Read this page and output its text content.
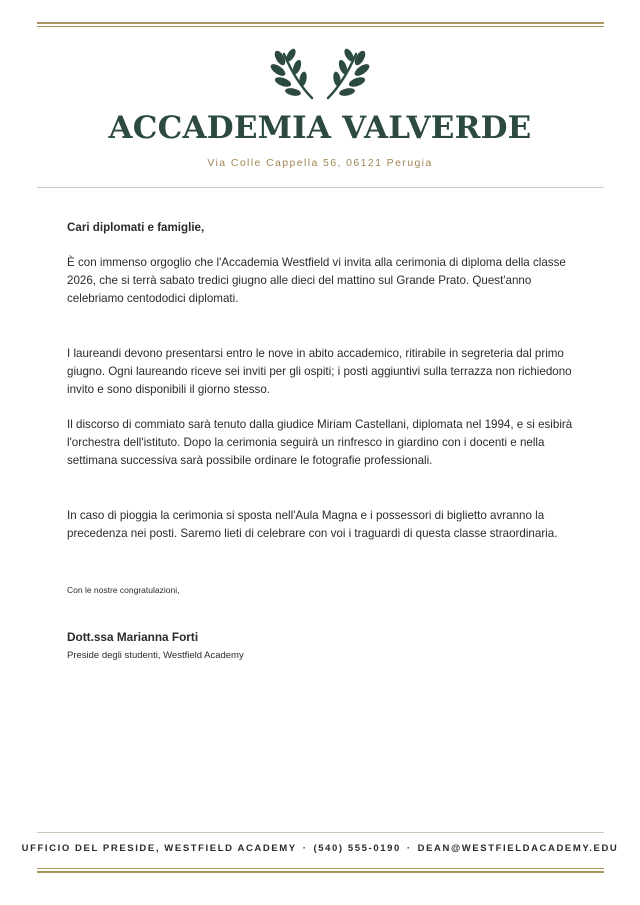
ACCADEMIA VALVERDE
Via Colle Cappella 56, 06121 Perugia

Cari diplomati e famiglie,

È con immenso orgoglio che l'Accademia Westfield vi invita alla cerimonia di diploma della classe 2026, che si terrà sabato tredici giugno alle dieci del mattino sul Grande Prato. Quest'anno celebriamo centododici diplomati.

I laureandi devono presentarsi entro le nove in abito accademico, ritirabile in segreteria dal primo giugno. Ogni laureando riceve sei inviti per gli ospiti; i posti aggiuntivi sulla terrazza non richiedono invito e sono disponibili il giorno stesso.

Il discorso di commiato sarà tenuto dalla giudice Miriam Castellani, diplomata nel 1994, e si esibirà l'orchestra dell'istituto. Dopo la cerimonia seguirà un rinfresco in giardino con i docenti e nella settimana successiva sarà possibile ordinare le fotografie professionali.

In caso di pioggia la cerimonia si sposta nell'Aula Magna e i possessori di biglietto avranno la precedenza nei posti. Saremo lieti di celebrare con voi i traguardi di questa classe straordinaria.

Con le nostre congratulazioni,
Dott.ssa Marianna Forti
Preside degli studenti, Westfield Academy
UFFICIO DEL PRESIDE, WESTFIELD ACADEMY · (540) 555-0190 · DEAN@WESTFIELDACADEMY.EDU
